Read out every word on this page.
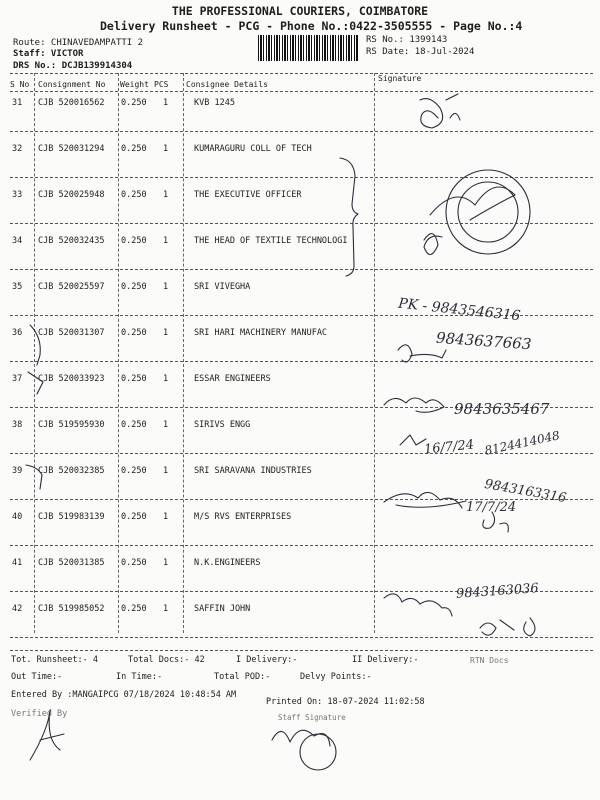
THE PROFESSIONAL COURIERS, COIMBATORE
Delivery Runsheet - PCG - Phone No.:0422-3505555 - Page No.:4
Route: CHINAVEDAMPATTI 2
Staff: VICTOR
DRS No.: DCJB139914304
RS No.: 1399143
RS Date: 18-Jul-2024
S No Consignment No Weight PCS Consignee Details
Signature
31 CJB 520016562 0.250 1	KVB 1245
32 CJB 520031294 0.250 1	KUMARAGURU COLL OF TECH
33 CJB 520025948 0.250 1	THE EXECUTIVE OFFICER
34 CJB 520032435 0.250 1	THE HEAD OF TEXTILE TECHNOLOGI
35 CJB 520025597 0.250 1	SRI VIVEGHA
36 CJB 520031307 0.250 1	SRI HARI MACHINERY MANUFAC
37 CJB 520033923 0.250 1	ESSAR ENGINEERS
38 CJB 519595930 0.250 1	SIRIVS ENGG
39 CJB 520032385 0.250 1	SRI SARAVANA INDUSTRIES
40 CJB 519983139 0.250 1	M/S RVS ENTERPRISES
41 CJB 520031385 0.250 1	N.K.ENGINEERS
42 CJB 519985052 0.250 1	SAFFIN JOHN
PK - 9843546316
9843637663
9843635467
16/7/24 8124414048
9843163316
17/7/24
9843163036
Tot. Runsheet:- 4	Total Docs:- 42	I Delivery:-	II Delivery:-	RTN Docs
Out Time:-	In Time:-	Total POD:-	Delvy Points:-
Entered By :MANGAIPCG 07/18/2024 10:48:54 AM
Printed On: 18-07-2024 11:02:58
Verified By	Staff Signature
